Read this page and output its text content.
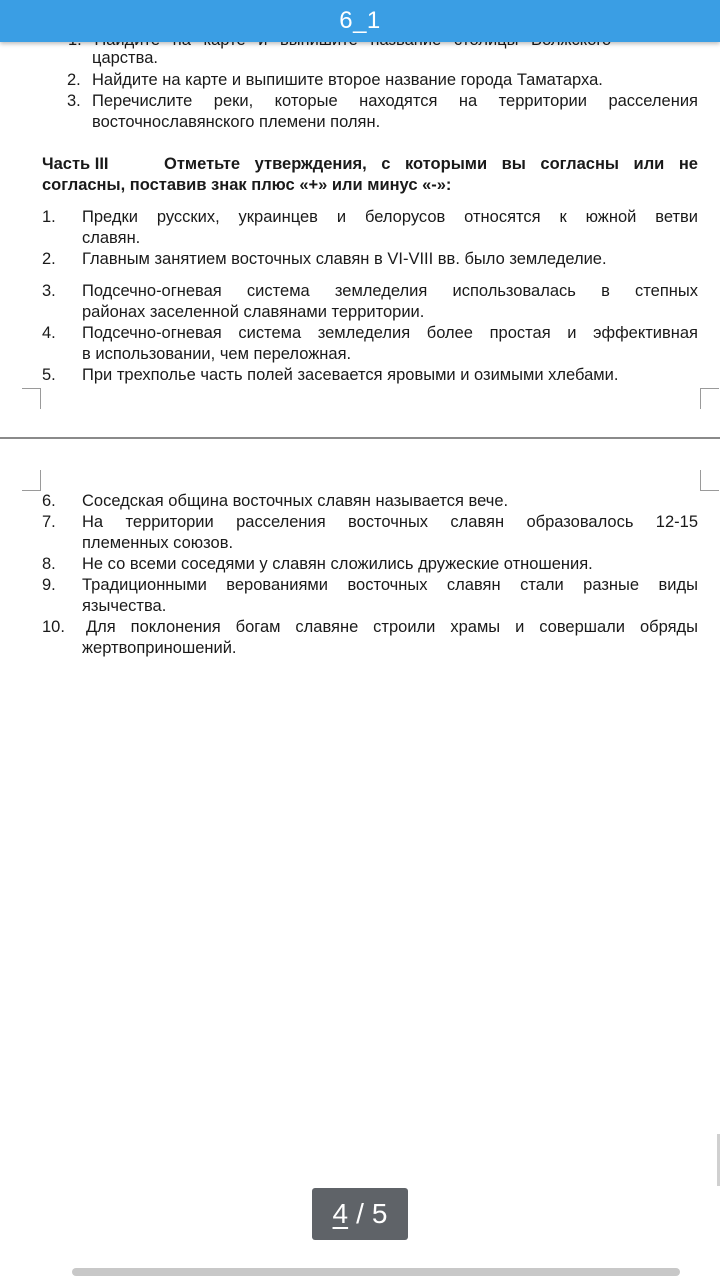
6_1
царства.
2. Найдите на карте и выпишите второе название города Таматарха.
3. Перечислите реки, которые находятся на территории расселения
восточнославянского племени полян.
Часть III	Отметьте утверждения, с которыми вы согласны или не
согласны, поставив знак плюс «+» или минус «-»:
1. Предки русских, украинцев и белорусов относятся к южной ветви
славян.
2. Главным занятием восточных славян в VI-VIII вв. было земледелие.
3. Подсечно-огневая система земледелия использовалась в степных
районах заселенной славянами территории.
4. Подсечно-огневая система земледелия более простая и эффективная
в использовании, чем переложная.
5. При трехполье часть полей засевается яровыми и озимыми хлебами.
6. Соседская община восточных славян называется вече.
7. На территории расселения восточных славян образовалось 12-15
племенных союзов.
8. Не со всеми соседями у славян сложились дружеские отношения.
9. Традиционными верованиями восточных славян стали разные виды
язычества.
10. Для поклонения богам славяне строили храмы и совершали обряды
жертвоприношений.
4 / 5
